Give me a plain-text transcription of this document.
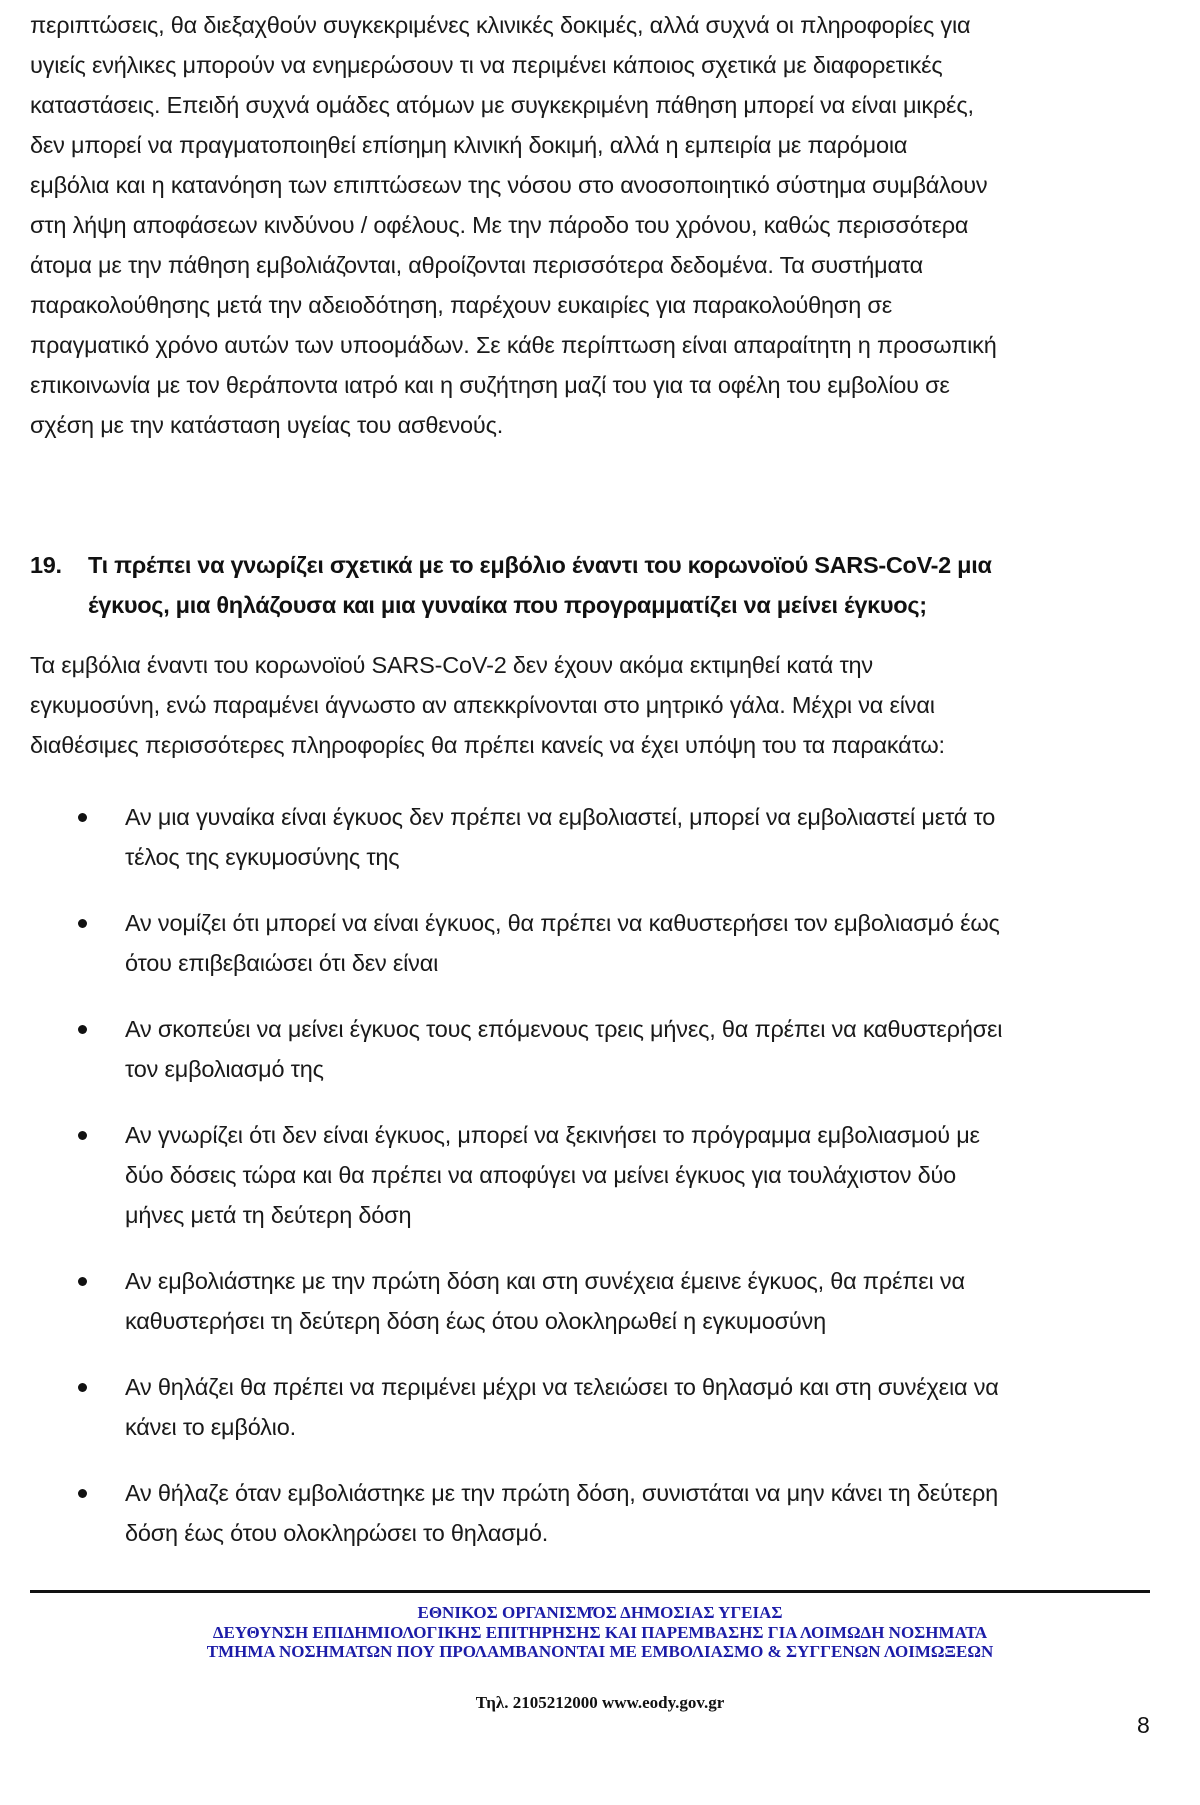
περιπτώσεις, θα διεξαχθούν συγκεκριμένες κλινικές δοκιμές, αλλά συχνά οι πληροφορίες για

υγιείς ενήλικες μπορούν να ενημερώσουν τι να περιμένει κάποιος σχετικά με διαφορετικές

καταστάσεις. Επειδή συχνά ομάδες ατόμων με συγκεκριμένη πάθηση μπορεί να είναι μικρές,

δεν μπορεί να πραγματοποιηθεί επίσημη κλινική δοκιμή, αλλά η εμπειρία με παρόμοια

εμβόλια και η κατανόηση των επιπτώσεων της νόσου στο ανοσοποιητικό σύστημα συμβάλουν

στη λήψη αποφάσεων κινδύνου / οφέλους. Με την πάροδο του χρόνου, καθώς περισσότερα

άτομα με την πάθηση εμβολιάζονται, αθροίζονται περισσότερα δεδομένα. Τα συστήματα

παρακολούθησης μετά την αδειοδότηση, παρέχουν ευκαιρίες για παρακολούθηση σε

πραγματικό χρόνο αυτών των υποομάδων. Σε κάθε περίπτωση είναι απαραίτητη η προσωπική

επικοινωνία με τον θεράποντα ιατρό και η συζήτηση μαζί του για τα οφέλη του εμβολίου σε

σχέση με την κατάσταση υγείας του ασθενούς.

19.	Τι πρέπει να γνωρίζει σχετικά με το εμβόλιο έναντι του κορωνοϊού SARS-CoV-2 μια
έγκυος, μια θηλάζουσα και μια γυναίκα που προγραμματίζει να μείνει έγκυος;

Τα εμβόλια έναντι του κορωνοϊού SARS-CoV-2 δεν έχουν ακόμα εκτιμηθεί κατά την

εγκυμοσύνη, ενώ παραμένει άγνωστο αν απεκκρίνονται στο μητρικό γάλα. Μέχρι να είναι

διαθέσιμες περισσότερες πληροφορίες θα πρέπει κανείς να έχει υπόψη του τα παρακάτω:

Αν μια γυναίκα είναι έγκυος δεν πρέπει να εμβολιαστεί, μπορεί να εμβολιαστεί μετά το
τέλος της εγκυμοσύνης της
Αν νομίζει ότι μπορεί να είναι έγκυος, θα πρέπει να καθυστερήσει τον εμβολιασμό έως
ότου επιβεβαιώσει ότι δεν είναι
Αν σκοπεύει να μείνει έγκυος τους επόμενους τρεις μήνες, θα πρέπει να καθυστερήσει
τον εμβολιασμό της
Αν γνωρίζει ότι δεν είναι έγκυος, μπορεί να ξεκινήσει το πρόγραμμα εμβολιασμού με
δύο δόσεις τώρα και θα πρέπει να αποφύγει να μείνει έγκυος για τουλάχιστον δύο
μήνες μετά τη δεύτερη δόση
Αν εμβολιάστηκε με την πρώτη δόση και στη συνέχεια έμεινε έγκυος, θα πρέπει να
καθυστερήσει τη δεύτερη δόση έως ότου ολοκληρωθεί η εγκυμοσύνη
Αν θηλάζει θα πρέπει να περιμένει μέχρι να τελειώσει το θηλασμό και στη συνέχεια να
κάνει το εμβόλιο.
Αν θήλαζε όταν εμβολιάστηκε με την πρώτη δόση, συνιστάται να μην κάνει τη δεύτερη
δόση έως ότου ολοκληρώσει το θηλασμό.
ΕΘΝΙΚΟΣ ΟΡΓΑΝΙΣΜΌΣ ΔΗΜΟΣΙΑΣ ΥΓΕΙΑΣ
ΔΕΥΘΥΝΣΗ ΕΠΙΔΗΜΙΟΛΟΓΙΚΗΣ ΕΠΙΤΗΡΗΣΗΣ ΚΑΙ ΠΑΡΕΜΒΑΣΗΣ ΓΙΑ ΛΟΙΜΩΔΗ ΝΟΣΗΜΑΤΑ
ΤΜΗΜΑ ΝΟΣΗΜΑΤΩΝ ΠΟΥ ΠΡΟΛΑΜΒΑΝΟΝΤΑΙ ΜΕ ΕΜΒΟΛΙΑΣΜΟ & ΣΥΓΓΕΝΩΝ ΛΟΙΜΩΞΕΩΝ
Τηλ. 2105212000 www.eody.gov.gr
8
